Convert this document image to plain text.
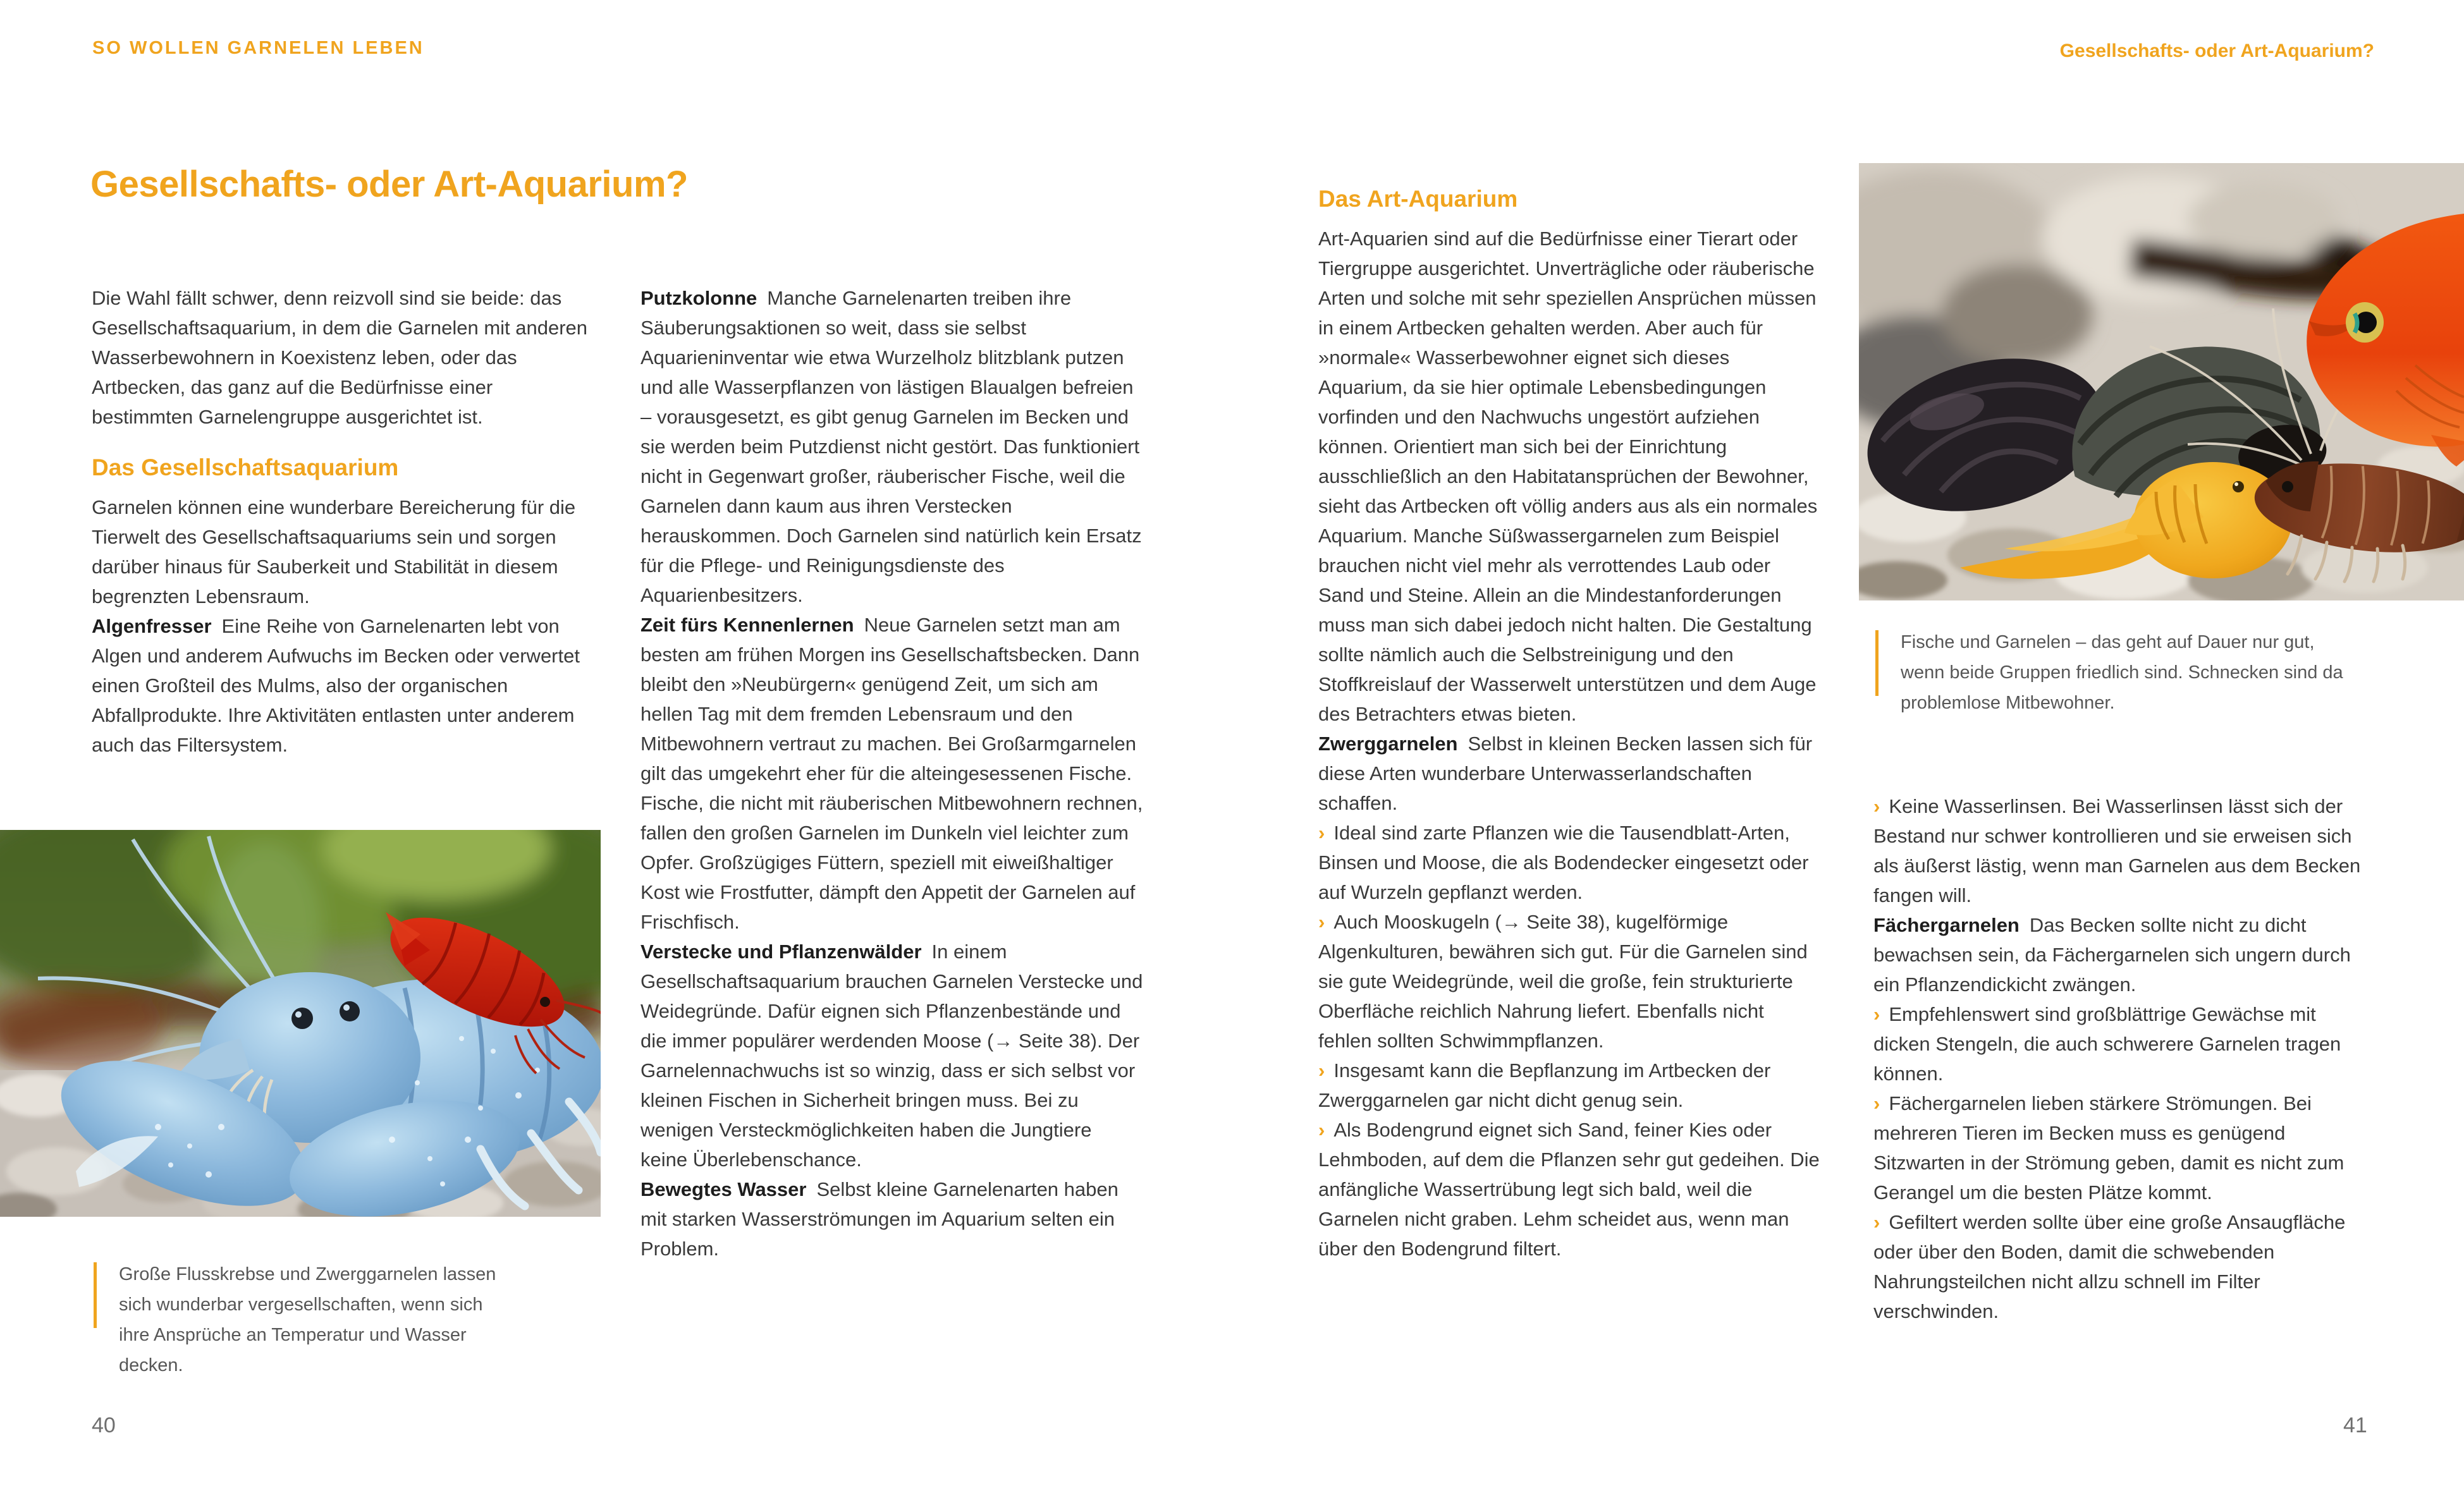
SO WOLLEN GARNELEN LEBEN	Gesellschafts- oder Art-Aquarium?
Gesellschafts- oder Art-Aquarium?

Die Wahl fällt schwer, denn reizvoll sind sie beide: das Gesellschaftsaquarium, in dem die Garnelen mit anderen Wasserbewohnern in Koexistenz leben, oder das Artbecken, das ganz auf die Bedürfnisse einer bestimmten Garnelengruppe ausgerichtet ist.

Das Gesellschaftsaquarium

Garnelen können eine wunderbare Bereicherung für die Tierwelt des Gesellschaftsaquariums sein und sorgen darüber hinaus für Sauberkeit und Stabilität in diesem begrenzten Lebensraum.

Algenfresser Eine Reihe von Garnelenarten lebt von Algen und anderem Aufwuchs im Becken oder verwertet einen Großteil des Mulms, also der organischen Abfallprodukte. Ihre Aktivitäten entlasten unter anderem auch das Filtersystem.

Putzkolonne Manche Garnelenarten treiben ihre Säuberungsaktionen so weit, dass sie selbst Aquarieninventar wie etwa Wurzelholz blitzblank putzen und alle Wasserpflanzen von lästigen Blaualgen befreien – vorausgesetzt, es gibt genug Garnelen im Becken und sie werden beim Putzdienst nicht gestört. Das funktioniert nicht in Gegenwart großer, räuberischer Fische, weil die Garnelen dann kaum aus ihren Verstecken herauskommen. Doch Garnelen sind natürlich kein Ersatz für die Pflege- und Reinigungsdienste des Aquarienbesitzers.

Zeit fürs Kennenlernen Neue Garnelen setzt man am besten am frühen Morgen ins Gesellschaftsbecken. Dann bleibt den »Neubürgern« genügend Zeit, um sich am hellen Tag mit dem fremden Lebensraum und den Mitbewohnern vertraut zu machen. Bei Großarmgarnelen gilt das umgekehrt eher für die alteingesessenen Fische. Fische, die nicht mit räuberischen Mitbewohnern rechnen, fallen den großen Garnelen im Dunkeln viel leichter zum Opfer. Großzügiges Füttern, speziell mit eiweißhaltiger Kost wie Frostfutter, dämpft den Appetit der Garnelen auf Frischfisch.

Verstecke und Pflanzenwälder In einem Gesellschaftsaquarium brauchen Garnelen Verstecke und Weidegründe. Dafür eignen sich Pflanzenbestände und die immer populärer werdenden Moose (→ Seite 38). Der Garnelennachwuchs ist so winzig, dass er sich selbst vor kleinen Fischen in Sicherheit bringen muss. Bei zu wenigen Versteckmöglichkeiten haben die Jungtiere keine Überlebenschance.

Bewegtes Wasser Selbst kleine Garnelenarten haben mit starken Wasserströmungen im Aquarium selten ein Problem.

Das Art-Aquarium

Art-Aquarien sind auf die Bedürfnisse einer Tierart oder Tiergruppe ausgerichtet. Unverträgliche oder räuberische Arten und solche mit sehr speziellen Ansprüchen müssen in einem Artbecken gehalten werden. Aber auch für »normale« Wasserbewohner eignet sich dieses Aquarium, da sie hier optimale Lebensbedingungen vorfinden und den Nachwuchs ungestört aufziehen können. Orientiert man sich bei der Einrichtung ausschließlich an den Habitatansprüchen der Bewohner, sieht das Artbecken oft völlig anders aus als ein normales Aquarium. Manche Süßwassergarnelen zum Beispiel brauchen nicht viel mehr als verrottendes Laub oder Sand und Steine. Allein an die Mindestanforderungen muss man sich dabei jedoch nicht halten. Die Gestaltung sollte nämlich auch die Selbstreinigung und den Stoffkreislauf der Wasserwelt unterstützen und dem Auge des Betrachters etwas bieten.

Zwerggarnelen Selbst in kleinen Becken lassen sich für diese Arten wunderbare Unterwasserlandschaften schaffen.

› Ideal sind zarte Pflanzen wie die Tausendblatt-Arten, Binsen und Moose, die als Bodendecker eingesetzt oder auf Wurzeln gepflanzt werden.

› Auch Mooskugeln (→ Seite 38), kugelförmige Algenkulturen, bewähren sich gut. Für die Garnelen sind sie gute Weidegründe, weil die große, fein strukturierte Oberfläche reichlich Nahrung liefert. Ebenfalls nicht fehlen sollten Schwimmpflanzen.

› Insgesamt kann die Bepflanzung im Artbecken der Zwerggarnelen gar nicht dicht genug sein.

› Als Bodengrund eignet sich Sand, feiner Kies oder Lehmboden, auf dem die Pflanzen sehr gut gedeihen. Die anfängliche Wassertrübung legt sich bald, weil die Garnelen nicht graben. Lehm scheidet aus, wenn man über den Bodengrund filtert.

› Keine Wasserlinsen. Bei Wasserlinsen lässt sich der Bestand nur schwer kontrollieren und sie erweisen sich als äußerst lästig, wenn man Garnelen aus dem Becken fangen will.

Fächergarnelen Das Becken sollte nicht zu dicht bewachsen sein, da Fächergarnelen sich ungern durch ein Pflanzendickicht zwängen.

› Empfehlenswert sind großblättrige Gewächse mit dicken Stengeln, die auch schwerere Garnelen tragen können.

› Fächergarnelen lieben stärkere Strömungen. Bei mehreren Tieren im Becken muss es genügend Sitzwarten in der Strömung geben, damit es nicht zum Gerangel um die besten Plätze kommt.

› Gefiltert werden sollte über eine große Ansaugfläche oder über den Boden, damit die schwebenden Nahrungsteilchen nicht allzu schnell im Filter verschwinden.

Große Flusskrebse und Zwerggarnelen lassen sich wunderbar vergesellschaften, wenn sich ihre Ansprüche an Temperatur und Wasser decken.
Fische und Garnelen – das geht auf Dauer nur gut, wenn beide Gruppen friedlich sind. Schnecken sind da problemlose Mitbewohner.
40	41
